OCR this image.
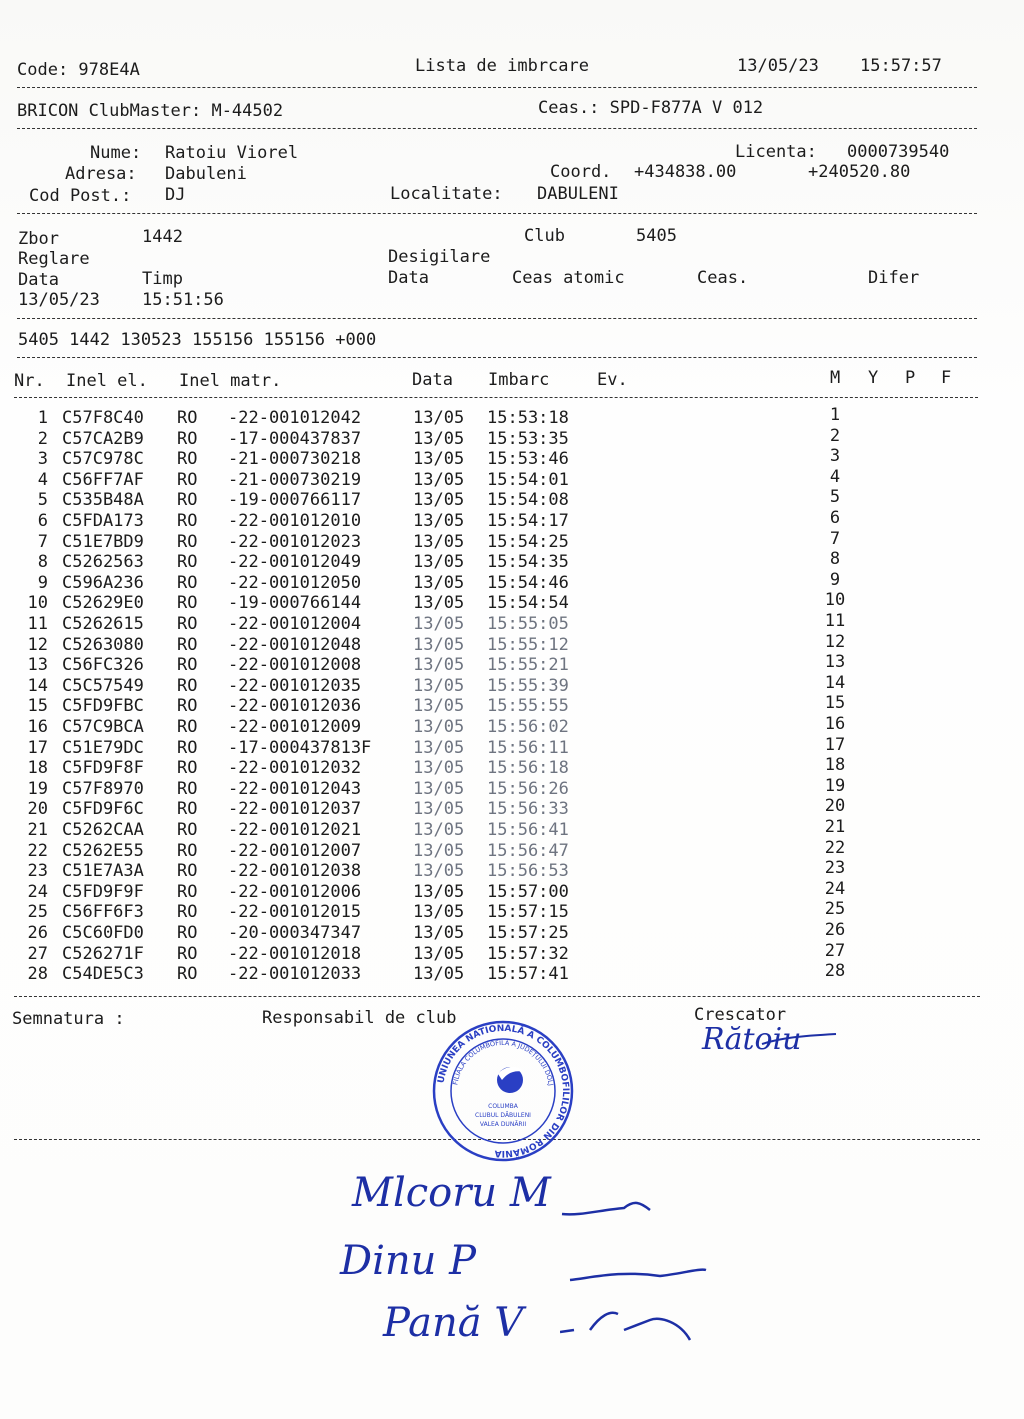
Code: 978E4A	Lista de imbrcare	13/05/23 15:57:57
BRICON ClubMaster: M-44502	Ceas.: SPD-F877A V 012
Nume: Ratoiu Viorel	Licenta: 0000739540
Adresa: Dabuleni	Coord. +434838.00	+240520.80
Cod Post.: DJ	Localitate: DABULENI
Zbor	1442	Club	5405
Reglare	Desigilare
Data	Timp	Data	Ceas atomic	Ceas.	Difer
13/05/23 15:51:56
5405 1442 130523 155156 155156 +000
Nr. Inel el. Inel matr.	Data Imbarc	Ev.	M Y P F
1 C57F8C40 RO -22-001012042	13/05 15:53:18	1
2 C57CA2B9 RO -17-000437837	13/05 15:53:35	2
3 C57C978C RO -21-000730218	13/05 15:53:46	3
4 C56FF7AF RO -21-000730219	13/05 15:54:01	4
5 C535B48A RO -19-000766117	13/05 15:54:08	5
6 C5FDA173 RO -22-001012010	13/05 15:54:17	6
7 C51E7BD9 RO -22-001012023	13/05 15:54:25	7
8 C5262563 RO -22-001012049	13/05 15:54:35	8
9 C596A236 RO -22-001012050	13/05 15:54:46	9
10 C52629E0 RO -19-000766144	13/05 15:54:54	10
11 C5262615 RO -22-001012004	13/05 15:55:05	11
12 C5263080 RO -22-001012048	13/05 15:55:12	12
13 C56FC326 RO -22-001012008	13/05 15:55:21	13
14 C5C57549 RO -22-001012035	13/05 15:55:39	14
15 C5FD9FBC RO -22-001012036	13/05 15:55:55	15
16 C57C9BCA RO -22-001012009	13/05 15:56:02	16
17 C51E79DC RO -17-000437813F 13/05 15:56:11	17
18 C5FD9F8F RO -22-001012032	13/05 15:56:18	18
19 C57F8970 RO -22-001012043	13/05 15:56:26	19
20 C5FD9F6C RO -22-001012037	13/05 15:56:33	20
21 C5262CAA RO -22-001012021	13/05 15:56:41	21
22 C5262E55 RO -22-001012007	13/05 15:56:47	22
23 C51E7A3A RO -22-001012038	13/05 15:56:53	23
24 C5FD9F9F RO -22-001012006	13/05 15:57:00	24
25 C56FF6F3 RO -22-001012015	13/05 15:57:15	25
26 C5C60FD0 RO -20-000347347	13/05 15:57:25	26
27 C526271F RO -22-001012018	13/05 15:57:32	27
28 C54DE5C3 RO -22-001012033	13/05 15:57:41	28
Semnatura :	Responsabil de club	Crescator
Rătoiu
UNIUNEA NATIONALĂ A COLUMBOFILILOR DIN ROMÂNIA
FILIALA COLUMBOFILĂ A JUDEȚULUI DOLJ
COLUMBA
CLUBUL DĂBULENI
VALEA DUNĂRII
Mlcoru M
Dinu P
Pană V
